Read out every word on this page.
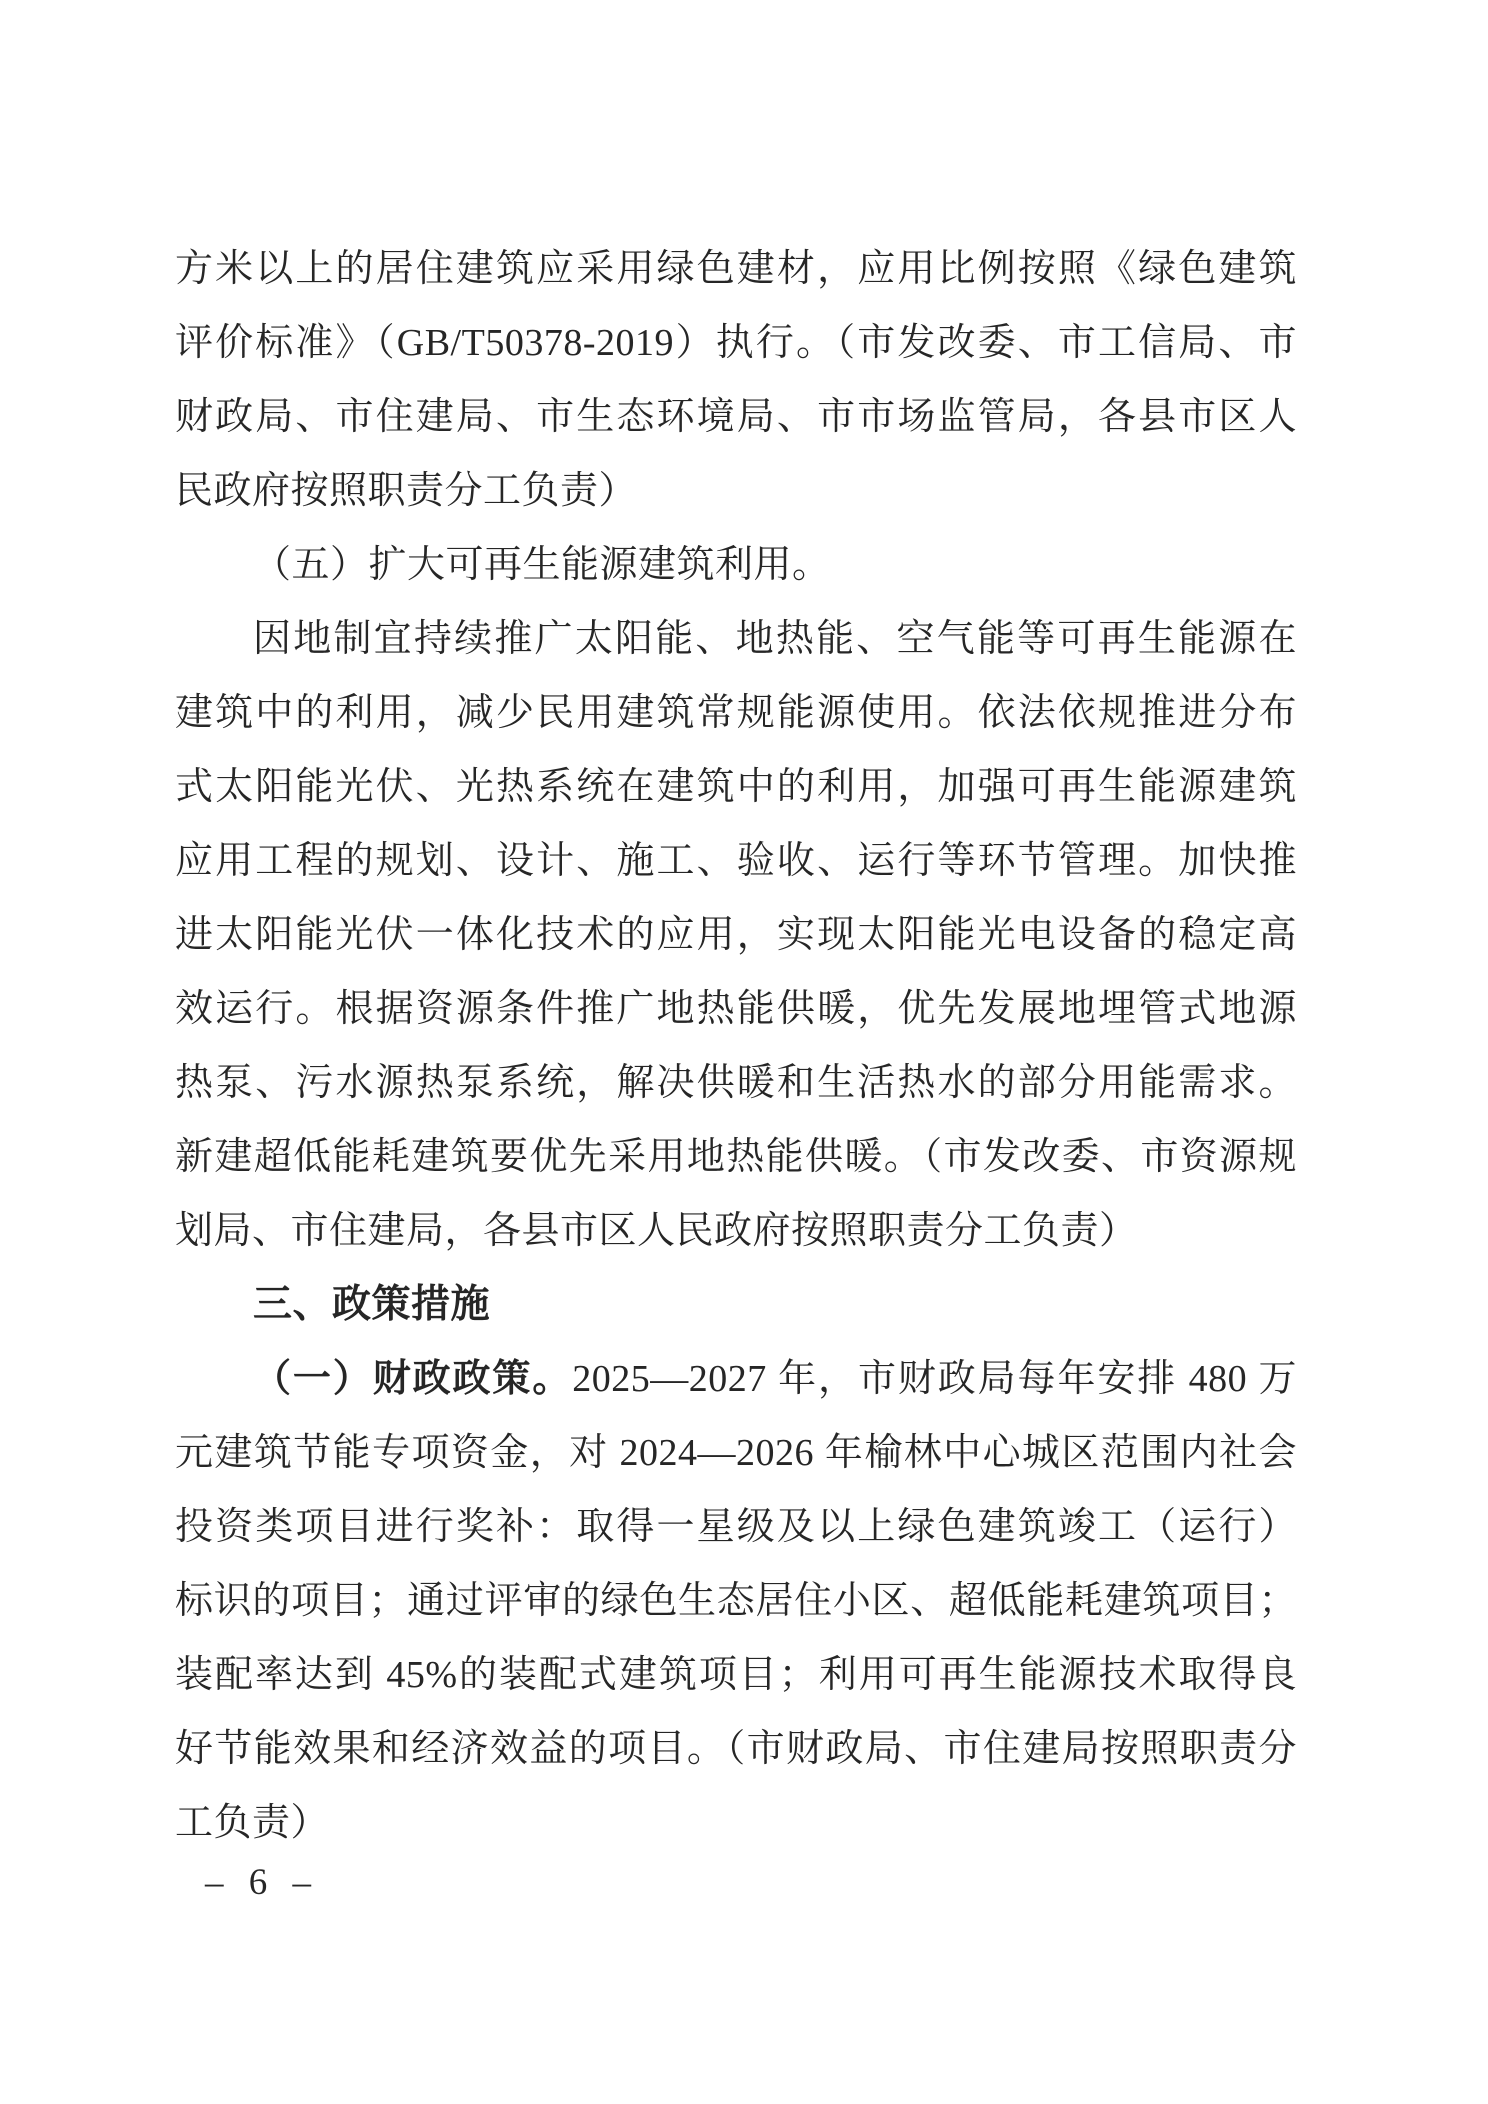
方米以上的居住建筑应采用绿色建材，应用比例按照《绿色建筑
评价标准》（GB/T50378-2019）执行。（市发改委、市工信局、市
财政局、市住建局、市生态环境局、市市场监管局，各县市区人
民政府按照职责分工负责）
（五）扩大可再生能源建筑利用。
因地制宜持续推广太阳能、地热能、空气能等可再生能源在
建筑中的利用，减少民用建筑常规能源使用。依法依规推进分布
式太阳能光伏、光热系统在建筑中的利用，加强可再生能源建筑
应用工程的规划、设计、施工、验收、运行等环节管理。加快推
进太阳能光伏一体化技术的应用，实现太阳能光电设备的稳定高
效运行。根据资源条件推广地热能供暖，优先发展地埋管式地源
热泵、污水源热泵系统，解决供暖和生活热水的部分用能需求。
新建超低能耗建筑要优先采用地热能供暖。（市发改委、市资源规
划局、市住建局，各县市区人民政府按照职责分工负责）
三、政策措施
（一）财政政策。2025—2027 年，市财政局每年安排 480 万
元建筑节能专项资金，对 2024—2026 年榆林中心城区范围内社会
投资类项目进行奖补：取得一星级及以上绿色建筑竣工（运行）
标识的项目；通过评审的绿色生态居住小区、超低能耗建筑项目；
装配率达到 45%的装配式建筑项目；利用可再生能源技术取得良
好节能效果和经济效益的项目。（市财政局、市住建局按照职责分
工负责）
– 6 –
